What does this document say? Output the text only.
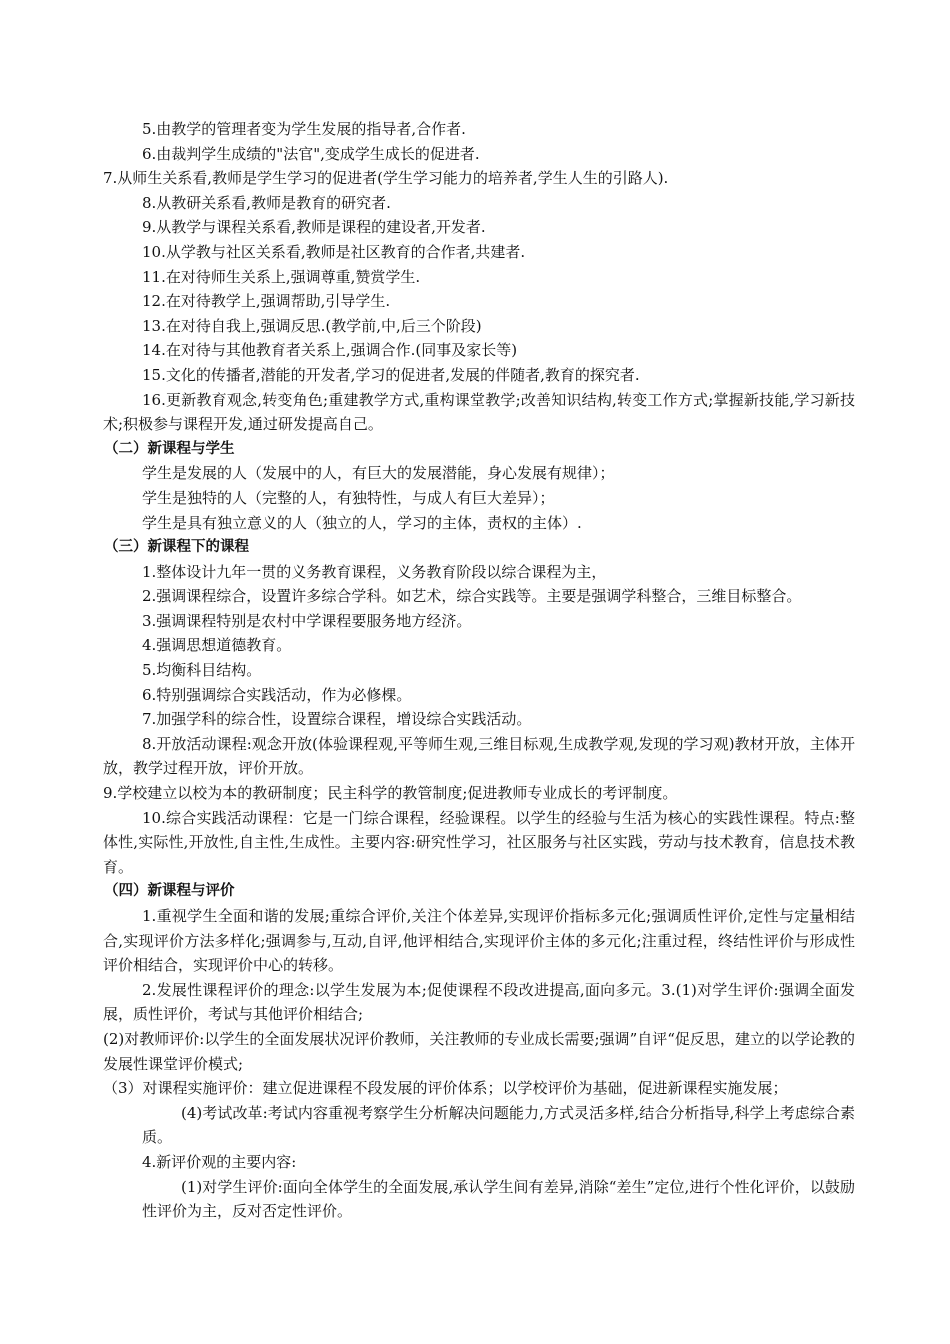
5.由教学的管理者变为学生发展的指导者,合作者.
6.由裁判学生成绩的"法官",变成学生成长的促进者.
7.从师生关系看,教师是学生学习的促进者(学生学习能力的培养者,学生人生的引路人).
8.从教研关系看,教师是教育的研究者.
9.从教学与课程关系看,教师是课程的建设者,开发者.
10.从学教与社区关系看,教师是社区教育的合作者,共建者.
11.在对待师生关系上,强调尊重,赞赏学生.
12.在对待教学上,强调帮助,引导学生.
13.在对待自我上,强调反思.(教学前,中,后三个阶段)
14.在对待与其他教育者关系上,强调合作.(同事及家长等)
15.文化的传播者,潜能的开发者,学习的促进者,发展的伴随者,教育的探究者.

16.更新教育观念,转变角色;重建教学方式,重构课堂教学;改善知识结构,转变工作方式;掌握新技能,学习新技术;积极参与课程开发,通过研发提高自己。

（二）新课程与学生
学生是发展的人（发展中的人，有巨大的发展潜能，身心发展有规律）；
学生是独特的人（完整的人，有独特性，与成人有巨大差异）；
学生是具有独立意义的人（独立的人，学习的主体，责权的主体）.
（三）新课程下的课程
1.整体设计九年一贯的义务教育课程，义务教育阶段以综合课程为主，
2.强调课程综合，设置许多综合学科。如艺术，综合实践等。主要是强调学科整合，三维目标整合。
3.强调课程特别是农村中学课程要服务地方经济。
4.强调思想道德教育。
5.均衡科目结构。
6.特别强调综合实践活动，作为必修棵。
7.加强学科的综合性，设置综合课程，增设综合实践活动。

8.开放活动课程:观念开放(体验课程观,平等师生观,三维目标观,生成教学观,发现的学习观)教材开放，主体开放，教学过程开放，评价开放。

9.学校建立以校为本的教研制度；民主科学的教管制度;促进教师专业成长的考评制度。

10.综合实践活动课程：它是一门综合课程，经验课程。以学生的经验与生活为核心的实践性课程。特点:整体性,实际性,开放性,自主性,生成性。主要内容:研究性学习，社区服务与社区实践，劳动与技术教育，信息技术教育。

（四）新课程与评价

1.重视学生全面和谐的发展;重综合评价,关注个体差异,实现评价指标多元化;强调质性评价,定性与定量相结合,实现评价方法多样化;强调参与,互动,自评,他评相结合,实现评价主体的多元化;注重过程，终结性评价与形成性评价相结合，实现评价中心的转移。

2.发展性课程评价的理念:以学生发展为本;促使课程不段改进提高,面向多元。3.(1)对学生评价:强调全面发展，质性评价，考试与其他评价相结合;

(2)对教师评价:以学生的全面发展状况评价教师，关注教师的专业成长需要;强调”自评“促反思，建立的以学论教的发展性课堂评价模式;

（3）对课程实施评价：建立促进课程不段发展的评价体系；以学校评价为基础，促进新课程实施发展；

(4)考试改革:考试内容重视考察学生分析解决问题能力,方式灵活多样,结合分析指导,科学上考虑综合素质。

4.新评价观的主要内容:

(1)对学生评价:面向全体学生的全面发展,承认学生间有差异,消除“差生”定位,进行个性化评价，以鼓励性评价为主，反对否定性评价。
